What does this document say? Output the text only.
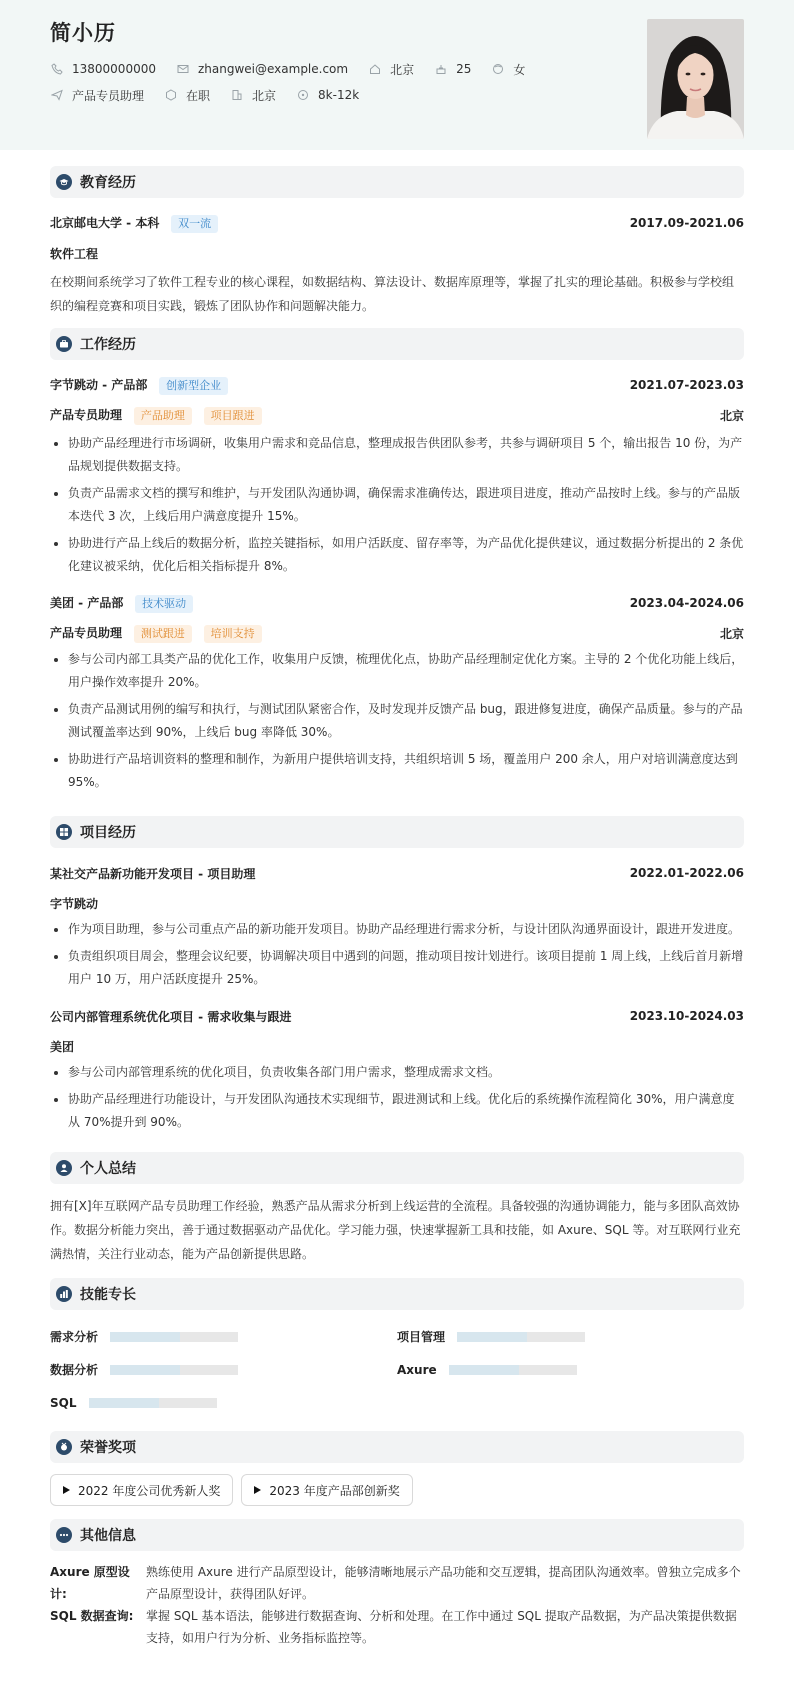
简小历
13800000000	zhangwei@example.com	北京	25	女
产品专员助理	在职	北京	8k-12k
教育经历
北京邮电大学 - 本科 双一流	2017.09-2021.06
软件工程

在校期间系统学习了软件工程专业的核心课程，如数据结构、算法设计、数据库原理等，掌握了扎实的理论基础。积极参与学校组织的编程竞赛和项目实践，锻炼了团队协作和问题解决能力。

工作经历
字节跳动 - 产品部 创新型企业	2021.07-2023.03
产品专员助理 产品助理 项目跟进	北京
协助产品经理进行市场调研，收集用户需求和竞品信息，整理成报告供团队参考，共参与调研项目 5 个，输出报告 10 份，为产品规划提供数据支持。
负责产品需求文档的撰写和维护，与开发团队沟通协调，确保需求准确传达，跟进项目进度，推动产品按时上线。参与的产品版本迭代 3 次，上线后用户满意度提升 15%。
协助进行产品上线后的数据分析，监控关键指标，如用户活跃度、留存率等，为产品优化提供建议，通过数据分析提出的 2 条优化建议被采纳，优化后相关指标提升 8%。
美团 - 产品部 技术驱动	2023.04-2024.06
产品专员助理 测试跟进 培训支持	北京
参与公司内部工具类产品的优化工作，收集用户反馈，梳理优化点，协助产品经理制定优化方案。主导的 2 个优化功能上线后，用户操作效率提升 20%。
负责产品测试用例的编写和执行，与测试团队紧密合作，及时发现并反馈产品 bug，跟进修复进度，确保产品质量。参与的产品测试覆盖率达到 90%，上线后 bug 率降低 30%。
协助进行产品培训资料的整理和制作，为新用户提供培训支持，共组织培训 5 场，覆盖用户 200 余人，用户对培训满意度达到 95%。
项目经历
某社交产品新功能开发项目 - 项目助理	2022.01-2022.06
字节跳动
作为项目助理，参与公司重点产品的新功能开发项目。协助产品经理进行需求分析，与设计团队沟通界面设计，跟进开发进度。
负责组织项目周会，整理会议纪要，协调解决项目中遇到的问题，推动项目按计划进行。该项目提前 1 周上线，上线后首月新增用户 10 万，用户活跃度提升 25%。
公司内部管理系统优化项目 - 需求收集与跟进	2023.10-2024.03
美团
参与公司内部管理系统的优化项目，负责收集各部门用户需求，整理成需求文档。
协助产品经理进行功能设计，与开发团队沟通技术实现细节，跟进测试和上线。优化后的系统操作流程简化 30%，用户满意度从 70%提升到 90%。
个人总结

拥有[X]年互联网产品专员助理工作经验，熟悉产品从需求分析到上线运营的全流程。具备较强的沟通协调能力，能与多团队高效协作。数据分析能力突出，善于通过数据驱动产品优化。学习能力强，快速掌握新工具和技能，如 Axure、SQL 等。对互联网行业充满热情，关注行业动态，能为产品创新提供思路。

技能专长
需求分析	项目管理
数据分析	Axure
SQL
荣誉奖项
2022 年度公司优秀新人奖	2023 年度产品部创新奖
其他信息
Axure 原型设计:
熟练使用 Axure 进行产品原型设计，能够清晰地展示产品功能和交互逻辑，提高团队沟通效率。曾独立完成多个产品原型设计，获得团队好评。
SQL 数据查询:	掌握 SQL 基本语法，能够进行数据查询、分析和处理。在工作中通过 SQL 提取产品数据，为产品决策提供数据支持，如用户行为分析、业务指标监控等。
